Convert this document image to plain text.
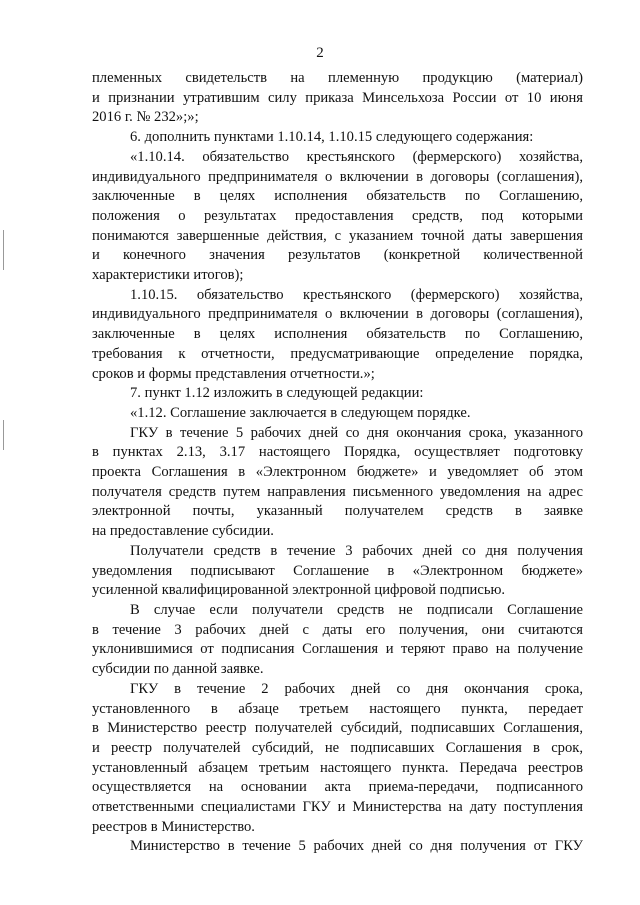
2

племенных свидетельств на племенную продукцию (материал)
и признании утратившим силу приказа Минсельхоза России от 10 июня
2016 г. № 232»;»;

6. дополнить пунктами 1.10.14, 1.10.15 следующего содержания:

«1.10.14. обязательство крестьянского (фермерского) хозяйства,
индивидуального предпринимателя о включении в договоры (соглашения),
заключенные в целях исполнения обязательств по Соглашению,
положения о результатах предоставления средств, под которыми
понимаются завершенные действия, с указанием точной даты завершения
и конечного значения результатов (конкретной количественной
характеристики итогов);

1.10.15. обязательство крестьянского (фермерского) хозяйства,
индивидуального предпринимателя о включении в договоры (соглашения),
заключенные в целях исполнения обязательств по Соглашению,
требования к отчетности, предусматривающие определение порядка,
сроков и формы представления отчетности.»;

7. пункт 1.12 изложить в следующей редакции:

«1.12. Соглашение заключается в следующем порядке.

ГКУ в течение 5 рабочих дней со дня окончания срока, указанного
в пунктах 2.13, 3.17 настоящего Порядка, осуществляет подготовку
проекта Соглашения в «Электронном бюджете» и уведомляет об этом
получателя средств путем направления письменного уведомления на адрес
электронной почты, указанный получателем средств в заявке
на предоставление субсидии.

Получатели средств в течение 3 рабочих дней со дня получения
уведомления подписывают Соглашение в «Электронном бюджете»
усиленной квалифицированной электронной цифровой подписью.

В случае если получатели средств не подписали Соглашение
в течение 3 рабочих дней с даты его получения, они считаются
уклонившимися от подписания Соглашения и теряют право на получение
субсидии по данной заявке.

ГКУ в течение 2 рабочих дней со дня окончания срока,
установленного в абзаце третьем настоящего пункта, передает
в Министерство реестр получателей субсидий, подписавших Соглашения,
и реестр получателей субсидий, не подписавших Соглашения в срок,
установленный абзацем третьим настоящего пункта. Передача реестров
осуществляется на основании акта приема-передачи, подписанного
ответственными специалистами ГКУ и Министерства на дату поступления
реестров в Министерство.

Министерство в течение 5 рабочих дней со дня получения от ГКУ
